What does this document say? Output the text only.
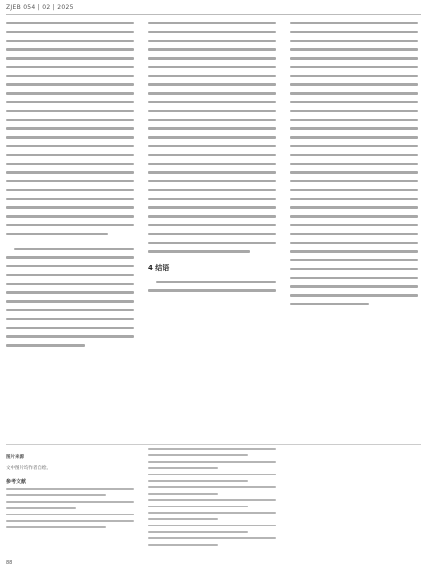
ZJEB 054 | 02 | 2025
4 结语
图片来源
文中图片均作者自绘。
参考文献
88
